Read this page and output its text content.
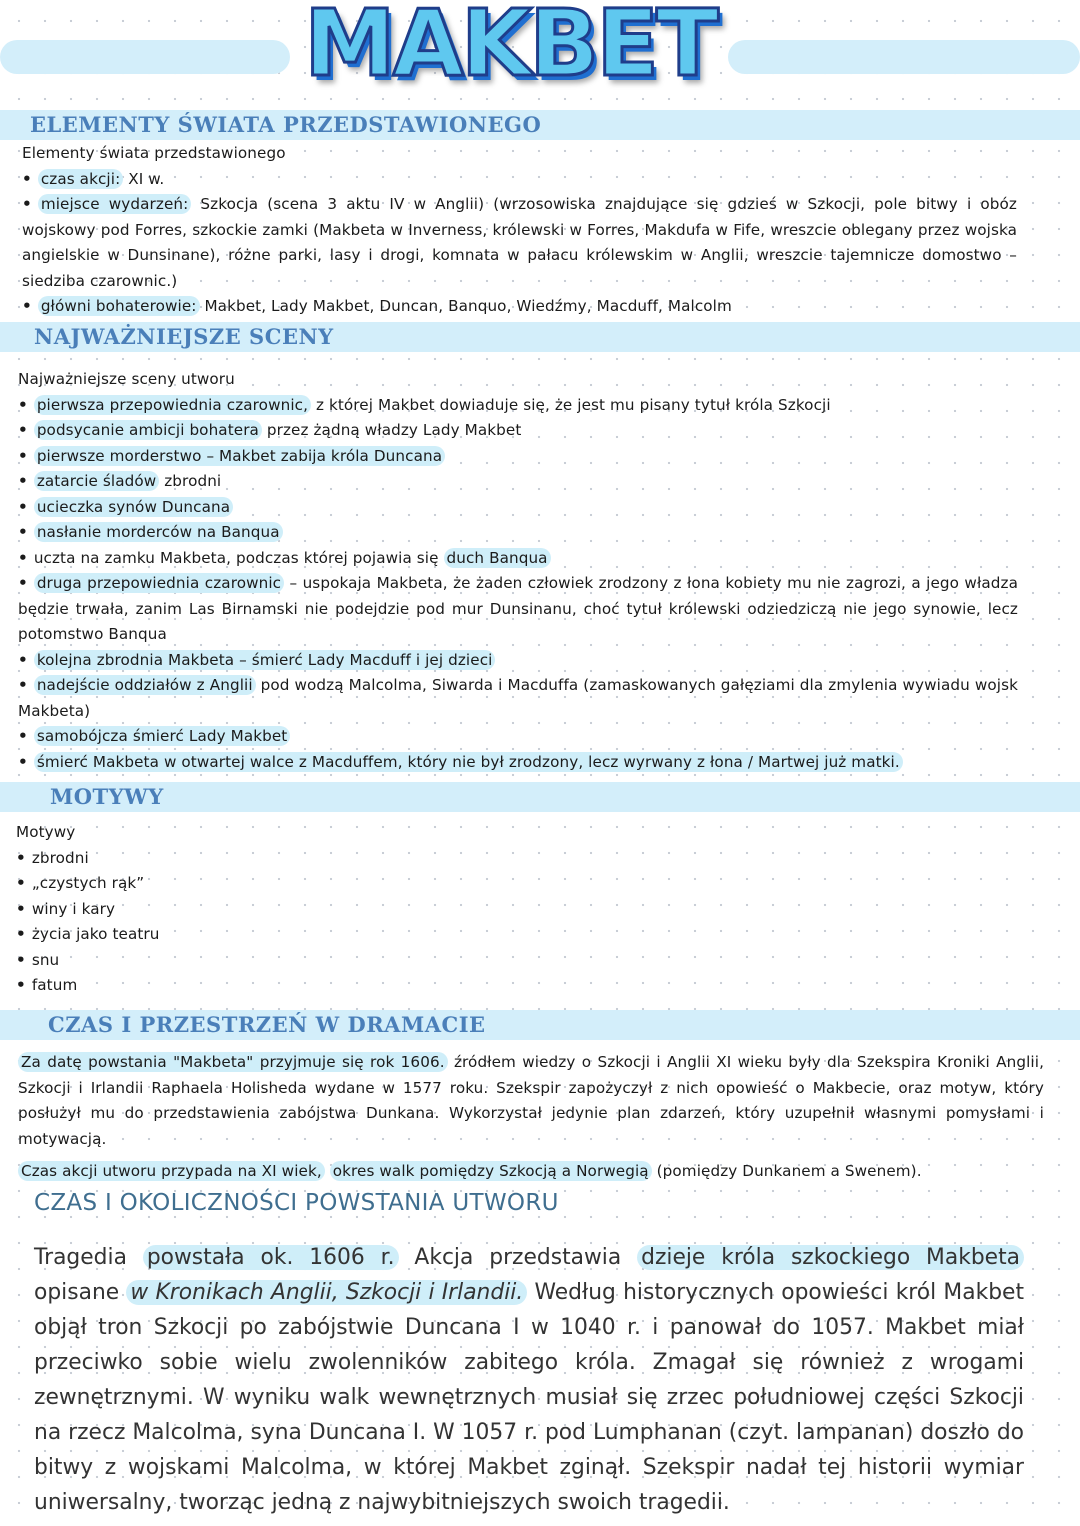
MAKBET
ELEMENTY ŚWIATA PRZEDSTAWIONEGO

Elementy świata przedstawionego

• czas akcji: XI w.
• miejsce wydarzeń: Szkocja (scena 3 aktu IV w Anglii) (wrzosowiska znajdujące się gdzieś w Szkocji, pole bitwy i obóz wojskowy pod Forres, szkockie zamki (Makbeta w Inverness, królewski w Forres, Makdufa w Fife, wreszcie oblegany przez wojska angielskie w Dunsinane), różne parki, lasy i drogi, komnata w pałacu królewskim w Anglii, wreszcie tajemnicze domostwo – siedziba czarownic.)
• główni bohaterowie: Makbet, Lady Makbet, Duncan, Banquo, Wiedźmy, Macduff, Malcolm
NAJWAŻNIEJSZE SCENY

Najważniejsze sceny utworu

• pierwsza przepowiednia czarownic, z której Makbet dowiaduje się, że jest mu pisany tytuł króla Szkocji
• podsycanie ambicji bohatera przez żądną władzy Lady Makbet
• pierwsze morderstwo – Makbet zabija króla Duncana
• zatarcie śladów zbrodni
• ucieczka synów Duncana
• nasłanie morderców na Banqua
• uczta na zamku Makbeta, podczas której pojawia się duch Banqua
• druga przepowiednia czarownic – uspokaja Makbeta, że żaden człowiek zrodzony z łona kobiety mu nie zagrozi, a jego władza będzie trwała, zanim Las Birnamski nie podejdzie pod mur Dunsinanu, choć tytuł królewski odziedziczą nie jego synowie, lecz potomstwo Banqua
• kolejna zbrodnia Makbeta – śmierć Lady Macduff i jej dzieci
• nadejście oddziałów z Anglii pod wodzą Malcolma, Siwarda i Macduffa (zamaskowanych gałęziami dla zmylenia wywiadu wojsk Makbeta)
• samobójcza śmierć Lady Makbet
• śmierć Makbeta w otwartej walce z Macduffem, który nie był zrodzony, lecz wyrwany z łona / Martwej już matki.
MOTYWY

Motywy

• zbrodni
• „czystych rąk”
• winy i kary
• życia jako teatru
• snu
• fatum
CZAS I PRZESTRZEŃ W DRAMACIE

Za datę powstania "Makbeta" przyjmuje się rok 1606. źródłem wiedzy o Szkocji i Anglii XI wieku były dla Szekspira Kroniki Anglii, Szkocji i Irlandii Raphaela Holisheda wydane w 1577 roku. Szekspir zapożyczył z nich opowieść o Makbecie, oraz motyw, który posłużył mu do przedstawienia zabójstwa Dunkana. Wykorzystał jedynie plan zdarzeń, który uzupełnił własnymi pomysłami i motywacją.

Czas akcji utworu przypada na XI wiek, okres walk pomiędzy Szkocją a Norwegią (pomiędzy Dunkanem a Swenem).

CZAS I OKOLICZNOŚCI POWSTANIA UTWORU
Tragedia powstała ok. 1606 r. Akcja przedstawia dzieje króla szkockiego Makbeta opisane w Kronikach Anglii, Szkocji i Irlandii. Według historycznych opowieści król Makbet objął tron Szkocji po zabójstwie Duncana I w 1040 r. i panował do 1057. Makbet miał przeciwko sobie wielu zwolenników zabitego króla. Zmagał się również z wrogami zewnętrznymi. W wyniku walk wewnętrznych musiał się zrzec południowej części Szkocji na rzecz Malcolma, syna Duncana I. W 1057 r. pod Lumphanan (czyt. lampanan) doszło do bitwy z wojskami Malcolma, w której Makbet zginął. Szekspir nadał tej historii wymiar uniwersalny, tworząc jedną z najwybitniejszych swoich tragedii.
